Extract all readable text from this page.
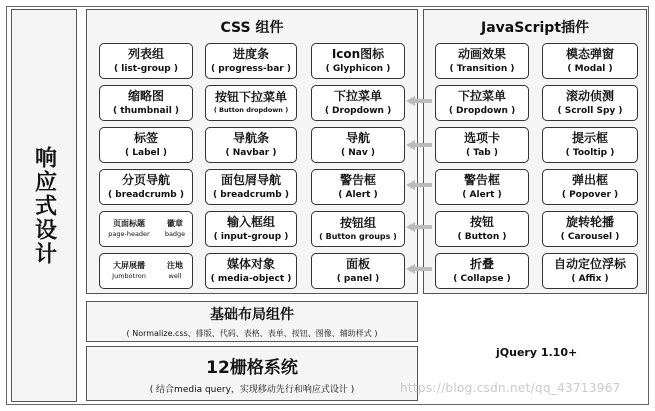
响应式设计
CSS 组件
列表组
( list-group )
缩略图
( thumbnail )
标签
( Label )
分页导航
( breadcrumb )
页面标题
page-header
徽章
badge
大屏展播
Jumbotron
注地
well
进度条
( progress-bar )
按钮下拉菜单
( Button dropdown )
导航条
( Navbar )
面包屑导航
( breadcrumb )
输入框组
( input-group )
媒体对象
( media-object )
Icon图标
( Glyphicon )
下拉菜单
( Dropdown )
导航
( Nav )
警告框
( Alert )
按钮组
( Button groups )
面板
( panel )
JavaScript插件
动画效果
( Transition )
下拉菜单
( Dropdown )
选项卡
( Tab )
警告框
( Alert )
按钮
( Button )
折叠
( Collapse )
模态弹窗
( Modal )
滚动侦测
( Scroll Spy )
提示框
( Tooltip )
弹出框
( Popover )
旋转轮播
( Carousel )
自动定位浮标
( Affix )
基础布局组件
( Normalize.css、排版、代码、表格、表单、按钮、图像、辅助样式 )
12栅格系统
( 结合media query，实现移动先行和响应式设计 )
jQuery 1.10+
https://blog.csdn.net/qq_43713967
